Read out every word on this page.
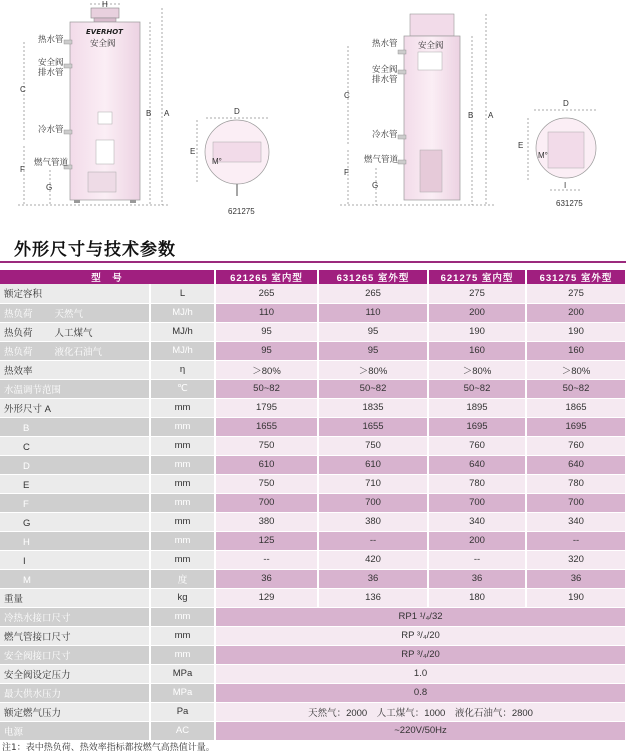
EVERHOT
安全阀
热水管
安全阀
排水管
冷水管
燃气管道
H
C
F
G
B A	D
E
M°
621275
安全阀
热水管
安全阀
排水管
冷水管
燃气管道
C
F
G
B A
D
E
M°
I
631275
外形尺寸与技术参数
型　号		621265 室内型	631265 室外型	621275 室内型	631275 室外型
额定容积	L	265	265	275	275
热负荷 天然气	MJ/h	110	110	200	200
热负荷 人工煤气	MJ/h	95	95	190	190
热负荷 液化石油气	MJ/h	95	95	160	160
热效率	η	＞80%	＞80%	＞80%	＞80%
水温调节范围	℃	50~82	50~82	50~82	50~82
外形尺寸 A	mm	1795	1835	1895	1865
　　B	mm	1655	1655	1695	1695
　　C	mm	750	750	760	760
　　D	mm	610	610	640	640
　　E	mm	750	710	780	780
　　F	mm	700	700	700	700
　　G	mm	380	380	340	340
　　H	mm	125	--	200	--
　　I	mm	--	420	--	320
　　M	度	36	36	36	36
重量	kg	129	136	180	190
冷热水接口尺寸	mm	RP1 ¹/₄/32			
燃气管接口尺寸	mm	RP ³/₄/20			
安全阀接口尺寸	mm	RP ³/₄/20			
安全阀设定压力	MPa	1.0			
最大供水压力	MPa	0.8			
额定燃气压力	Pa	天然气：2000　人工煤气：1000　液化石油气：2800			
电源	AC	~220V/50Hz			
注1：表中热负荷、热效率指标都按燃气高热值计量。
